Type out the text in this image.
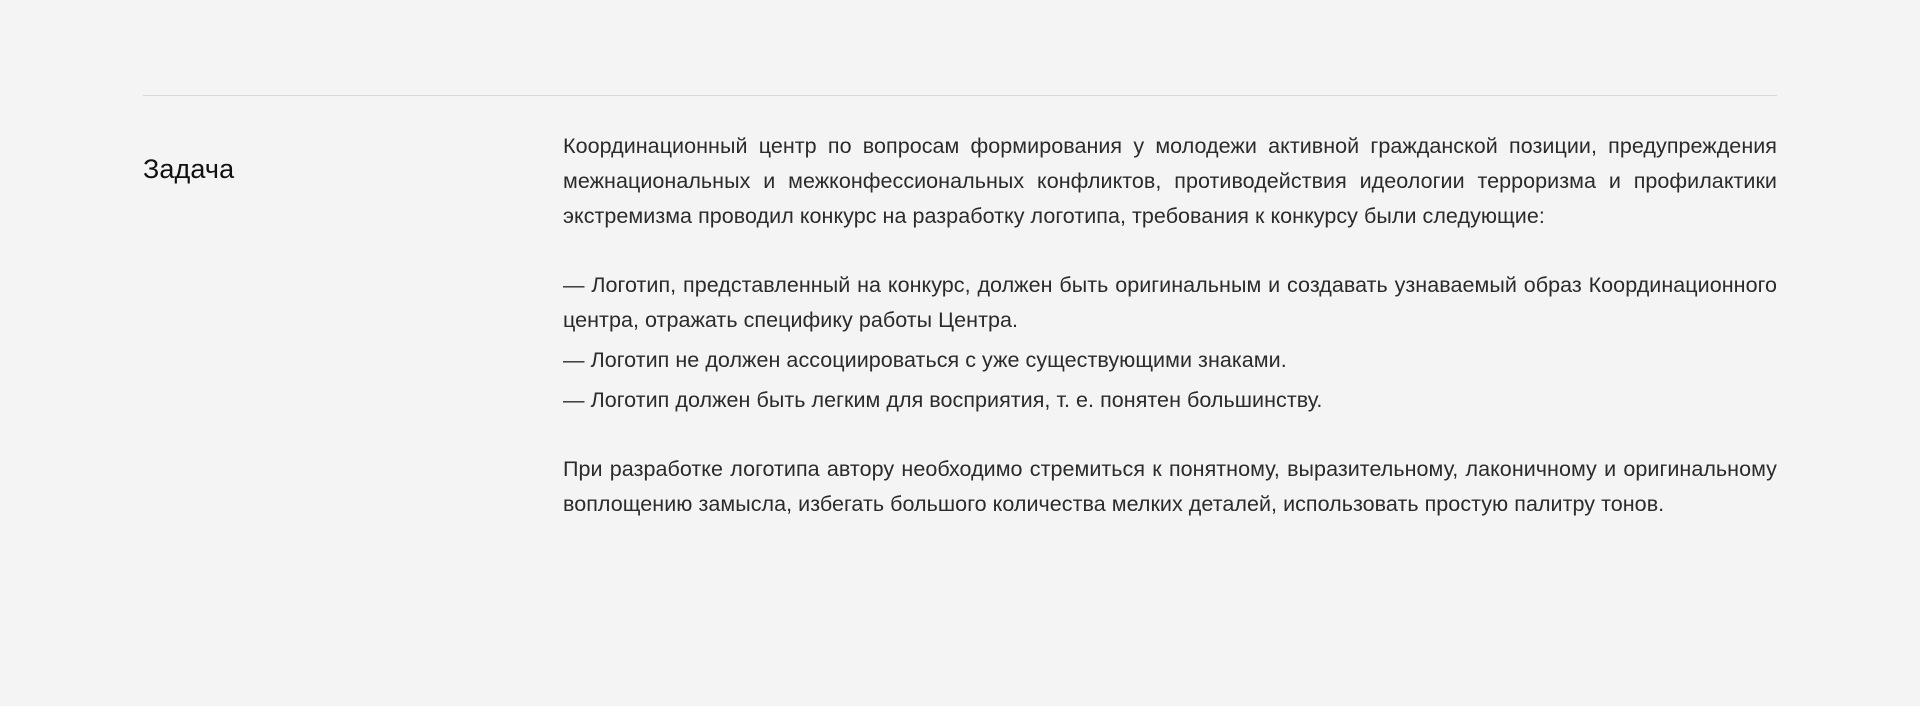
Задача

Координационный центр по вопросам формирования у молодежи активной гражданской позиции, предупреждения межнациональных и межконфессиональных конфликтов, противодействия идеологии терроризма и профилактики экстремизма проводил конкурс на разработку логотипа, требования к конкурсу были следующие:

— Логотип, представленный на конкурс, должен быть оригинальным и создавать узнаваемый образ Координационного центра, отражать специфику работы Центра.

— Логотип не должен ассоциироваться с уже существующими знаками.

— Логотип должен быть легким для восприятия, т. е. понятен большинству.

При разработке логотипа автору необходимо стремиться к понятному, выразительному, лаконичному и оригинальному воплощению замысла, избегать большого количества мелких деталей, использовать простую палитру тонов.
